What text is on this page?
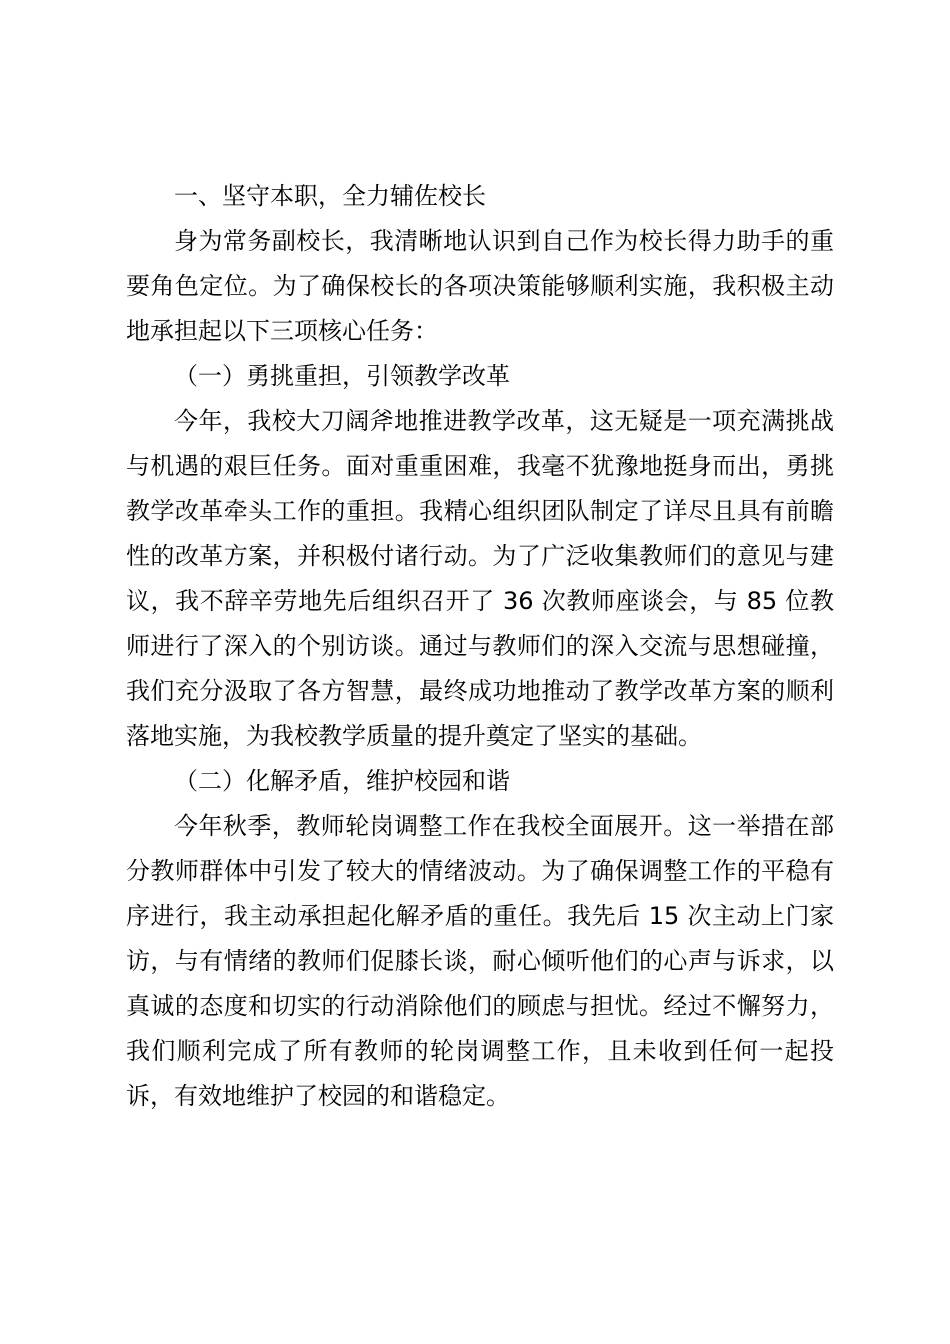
一、坚守本职，全力辅佐校长

身为常务副校长，我清晰地认识到自己作为校长得力助手的重要角色定位。为了确保校长的各项决策能够顺利实施，我积极主动地承担起以下三项核心任务：

（一）勇挑重担，引领教学改革

今年，我校大刀阔斧地推进教学改革，这无疑是一项充满挑战与机遇的艰巨任务。面对重重困难，我毫不犹豫地挺身而出，勇挑教学改革牵头工作的重担。我精心组织团队制定了详尽且具有前瞻性的改革方案，并积极付诸行动。为了广泛收集教师们的意见与建议，我不辞辛劳地先后组织召开了 36 次教师座谈会，与 85 位教师进行了深入的个别访谈。通过与教师们的深入交流与思想碰撞，我们充分汲取了各方智慧，最终成功地推动了教学改革方案的顺利落地实施，为我校教学质量的提升奠定了坚实的基础。

（二）化解矛盾，维护校园和谐

今年秋季，教师轮岗调整工作在我校全面展开。这一举措在部分教师群体中引发了较大的情绪波动。为了确保调整工作的平稳有序进行，我主动承担起化解矛盾的重任。我先后 15 次主动上门家访，与有情绪的教师们促膝长谈，耐心倾听他们的心声与诉求，以真诚的态度和切实的行动消除他们的顾虑与担忧。经过不懈努力，我们顺利完成了所有教师的轮岗调整工作，且未收到任何一起投诉，有效地维护了校园的和谐稳定。
